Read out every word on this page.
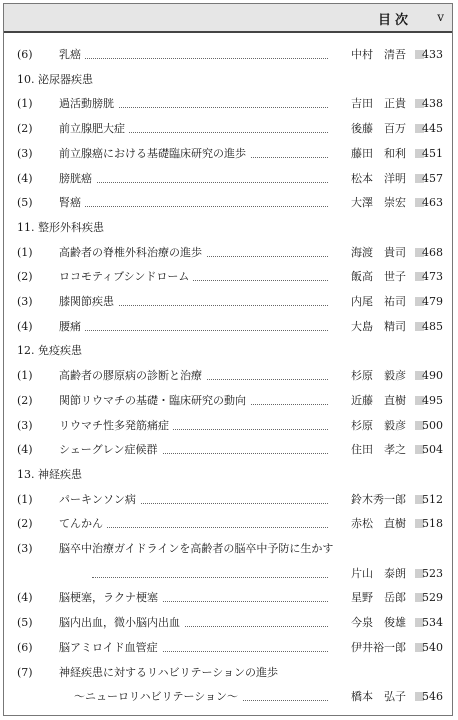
目次 v
(6)	乳癌	中村　清吾 433
10. 泌尿器疾患
(1)	過活動膀胱	吉田　正貴 438
(2)	前立腺肥大症	後藤　百万 445
(3)	前立腺癌における基礎臨床研究の進歩	藤田　和利 451
(4)	膀胱癌	松本　洋明 457
(5)	腎癌	大澤　崇宏 463
11. 整形外科疾患
(1)	高齢者の脊椎外科治療の進歩	海渡　貴司 468
(2)	ロコモティブシンドローム	飯高　世子 473
(3)	膝関節疾患	内尾　祐司 479
(4)	腰痛	大島　精司 485
12. 免疫疾患
(1)	高齢者の膠原病の診断と治療	杉原　毅彦 490
(2)	関節リウマチの基礎・臨床研究の動向	近藤　直樹 495
(3)	リウマチ性多発筋痛症	杉原　毅彦 500
(4)	シェーグレン症候群	住田　孝之 504
13. 神経疾患
(1)	パーキンソン病	鈴木秀一郎 512
(2)	てんかん	赤松　直樹 518
(3)	脳卒中治療ガイドラインを高齢者の脳卒中予防に生かす
片山　泰朗 523
(4)	脳梗塞，ラクナ梗塞	星野　岳郎 529
(5)	脳内出血，微小脳内出血	今泉　俊雄 534
(6)	脳アミロイド血管症	伊井裕一郎 540
(7)	神経疾患に対するリハビリテーションの進歩
〜ニューロリハビリテーション〜	橋本　弘子 546
